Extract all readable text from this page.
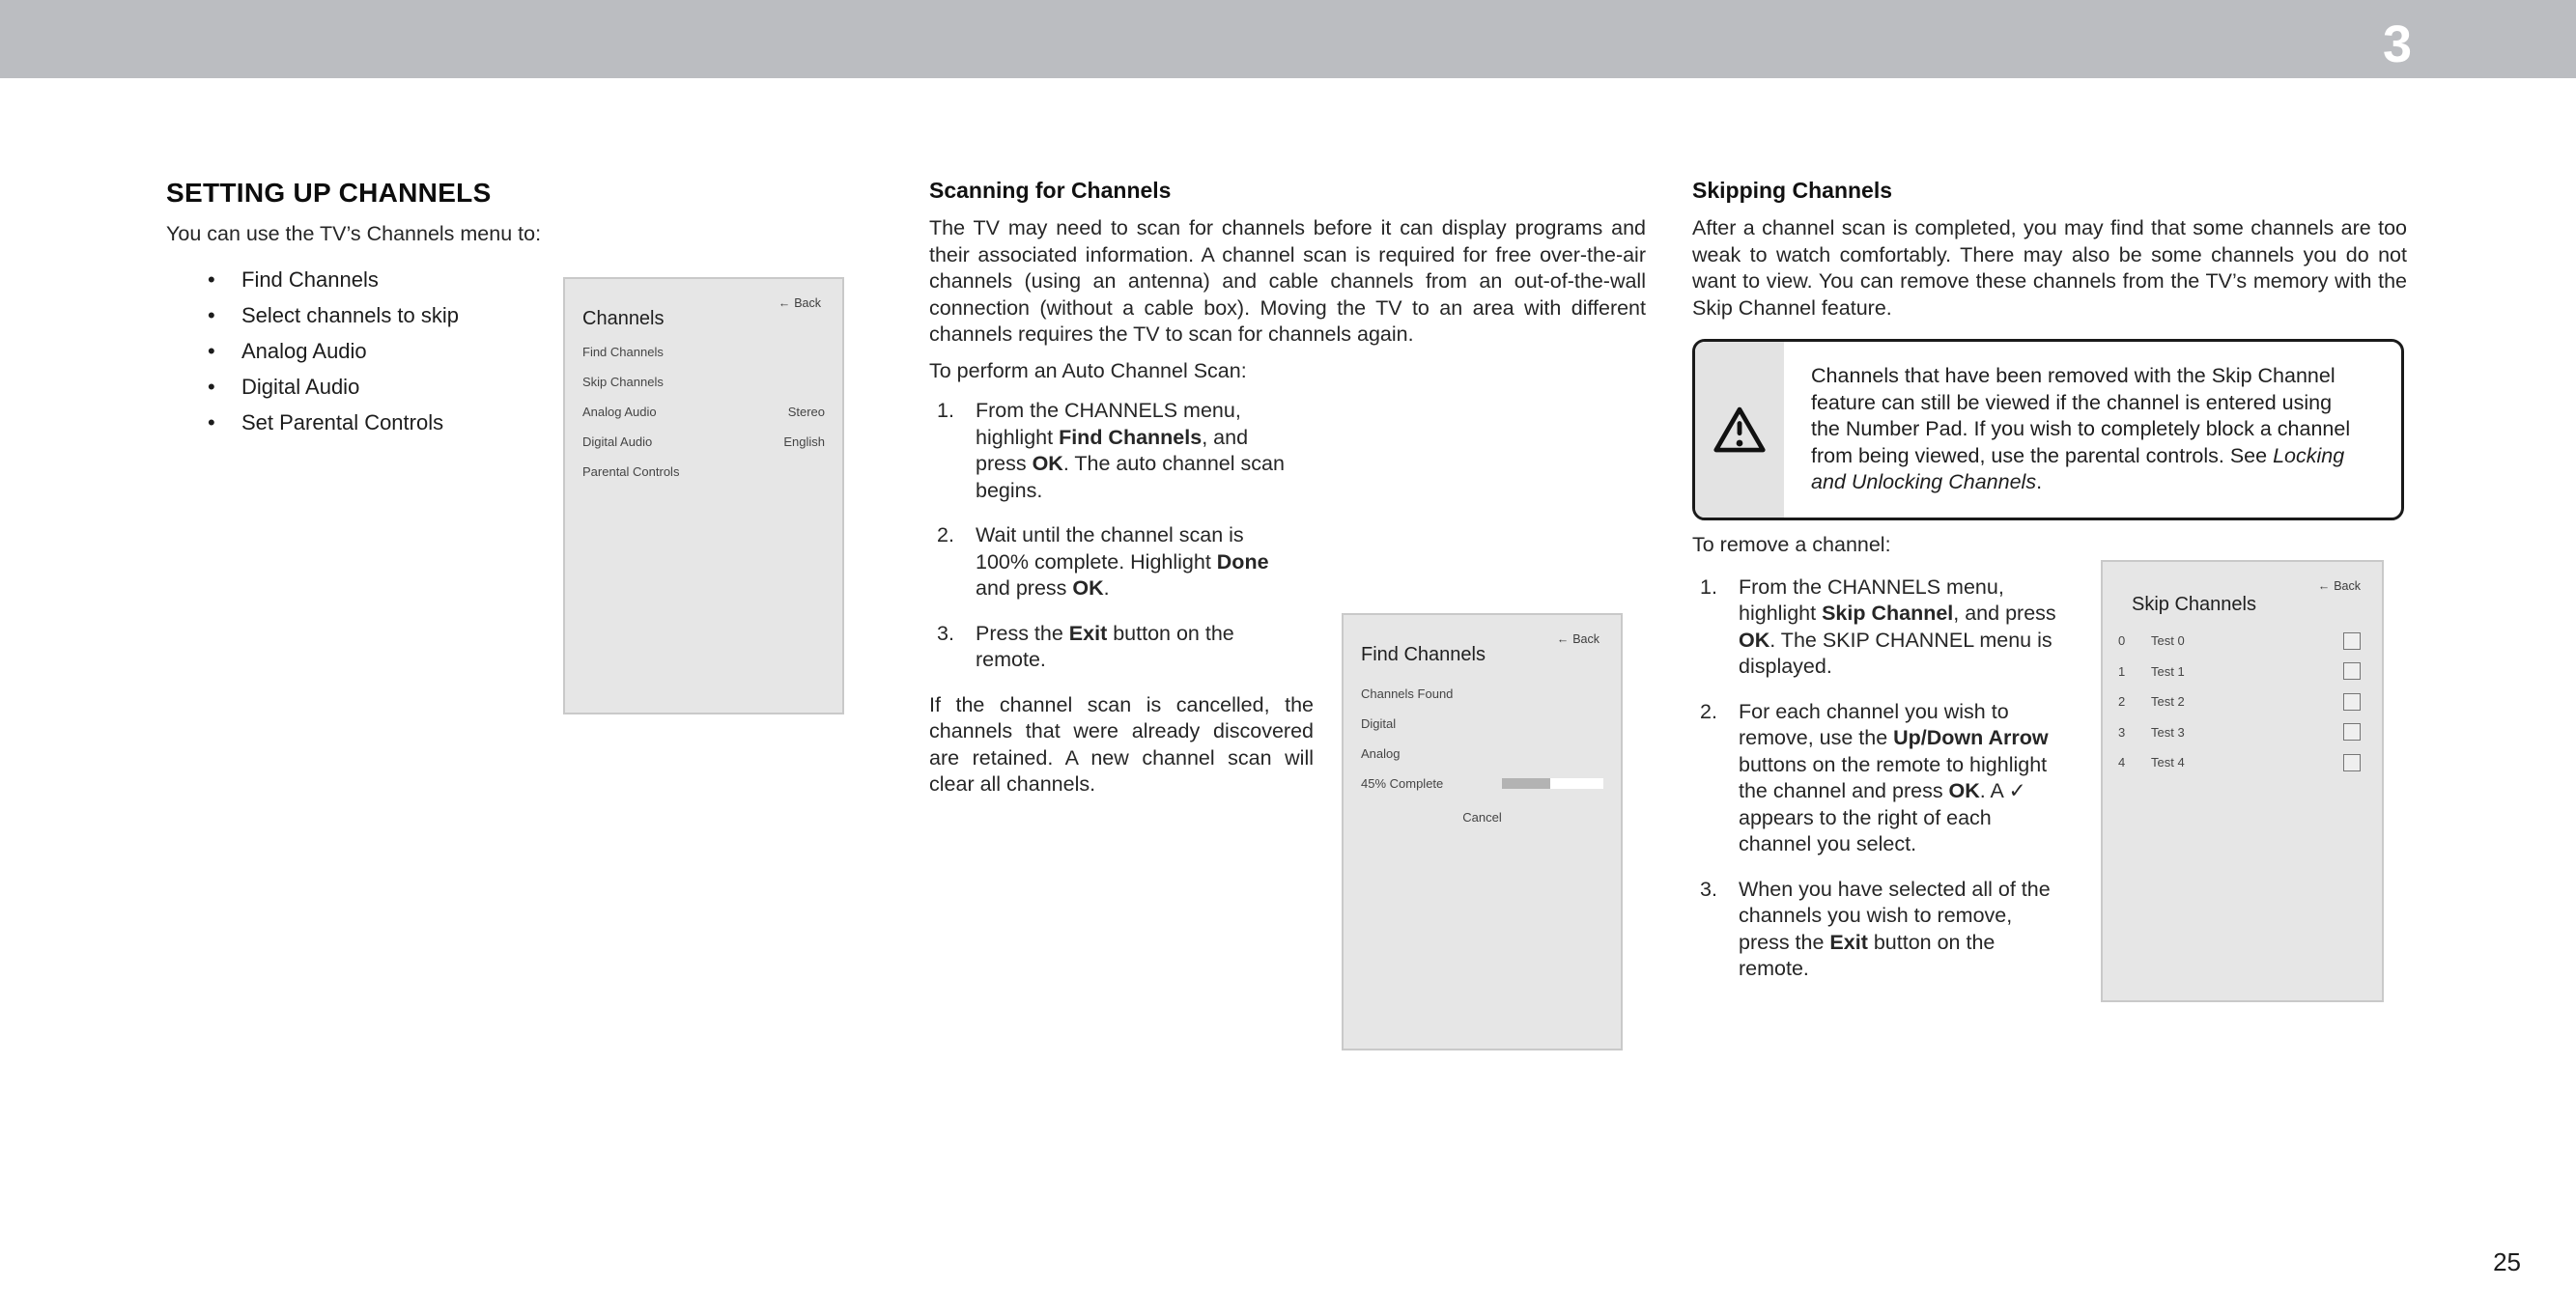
3
SETTING UP CHANNELS

You can use the TV’s Channels menu to:

• Find Channels
• Select channels to skip
• Analog Audio
• Digital Audio
• Set Parental Controls
← Back
Channels
Find Channels
Skip Channels
Analog Audio	Stereo
Digital Audio	English
Parental Controls
Scanning for Channels

The TV may need to scan for channels before it can display programs and their associated information. A channel scan is required for free over-the-air channels (using an antenna) and cable channels from an out-of-the-wall connection (without a cable box). Moving the TV to an area with different channels requires the TV to scan for channels again.

To perform an Auto Channel Scan:

From the CHANNELS menu, highlight Find Channels, and press OK. The auto channel scan begins.
Wait until the channel scan is 100% complete. Highlight Done and press OK.
Press the Exit button on the remote.

If the channel scan is cancelled, the channels that were already discovered are retained. A new channel scan will clear all channels.

← Back
Find Channels
Channels Found
Digital
Analog
45% Complete
Cancel
Skipping Channels

After a channel scan is completed, you may find that some channels are too weak to watch comfortably. There may also be some channels you do not want to view. You can remove these channels from the TV’s memory with the Skip Channel feature.

Channels that have been removed with the Skip Channel feature can still be viewed if the channel is entered using the Number Pad. If you wish to completely block a channel from being viewed, use the parental controls. See Locking and Unlocking Channels.

To remove a channel:

From the CHANNELS menu, highlight Skip Channel, and press OK. The SKIP CHANNEL menu is displayed.
For each channel you wish to remove, use the Up/Down Arrow buttons on the remote to highlight the channel and press OK. A ✓ appears to the right of each channel you select.
When you have selected all of the channels you wish to remove, press the Exit button on the remote.
← Back
Skip Channels
0	Test 0
1	Test 1
2	Test 2
3	Test 3
4	Test 4
25
